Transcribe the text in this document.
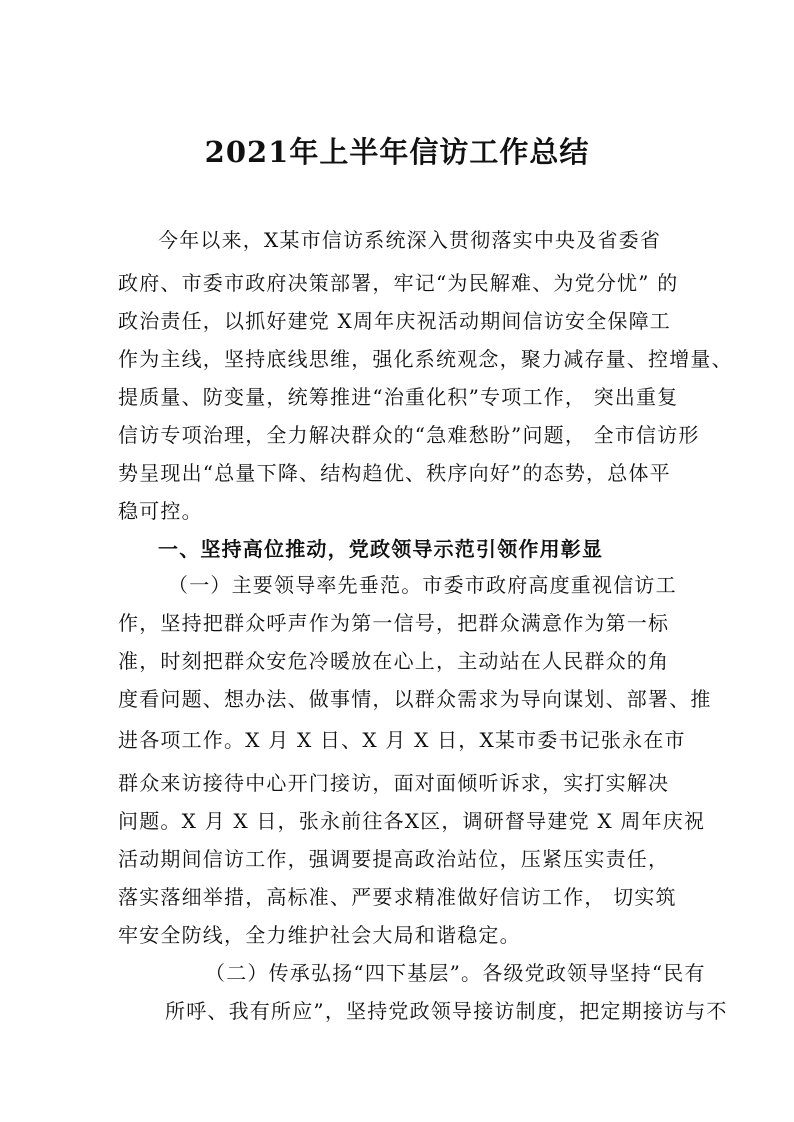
2021年上半年信访工作总结
今年以来，X某市信访系统深入贯彻落实中央及省委省
政府、市委市政府决策部署，牢记“为民解难、为党分忧” 的
政治责任，以抓好建党 X周年庆祝活动期间信访安全保障工
作为主线，坚持底线思维，强化系统观念，聚力减存量、控增量、
提质量、防变量，统筹推进“治重化积”专项工作， 突出重复
信访专项治理，全力解决群众的“急难愁盼”问题， 全市信访形
势呈现出“总量下降、结构趋优、秩序向好”的态势，总体平
稳可控。
一、坚持高位推动，党政领导示范引领作用彰显
（一）主要领导率先垂范。市委市政府高度重视信访工
作，坚持把群众呼声作为第一信号，把群众满意作为第一标
准，时刻把群众安危冷暖放在心上，主动站在人民群众的角
度看问题、想办法、做事情，以群众需求为导向谋划、部署、推
进各项工作。X 月 X 日、X 月 X 日，X某市委书记张永在市
群众来访接待中心开门接访，面对面倾听诉求，实打实解决
问题。X 月 X 日，张永前往各X区，调研督导建党 X 周年庆祝
活动期间信访工作，强调要提高政治站位，压紧压实责任，
落实落细举措，高标准、严要求精准做好信访工作， 切实筑
牢安全防线，全力维护社会大局和谐稳定。
（二）传承弘扬“四下基层”。各级党政领导坚持“民有
所呼、我有所应”，坚持党政领导接访制度，把定期接访与不
